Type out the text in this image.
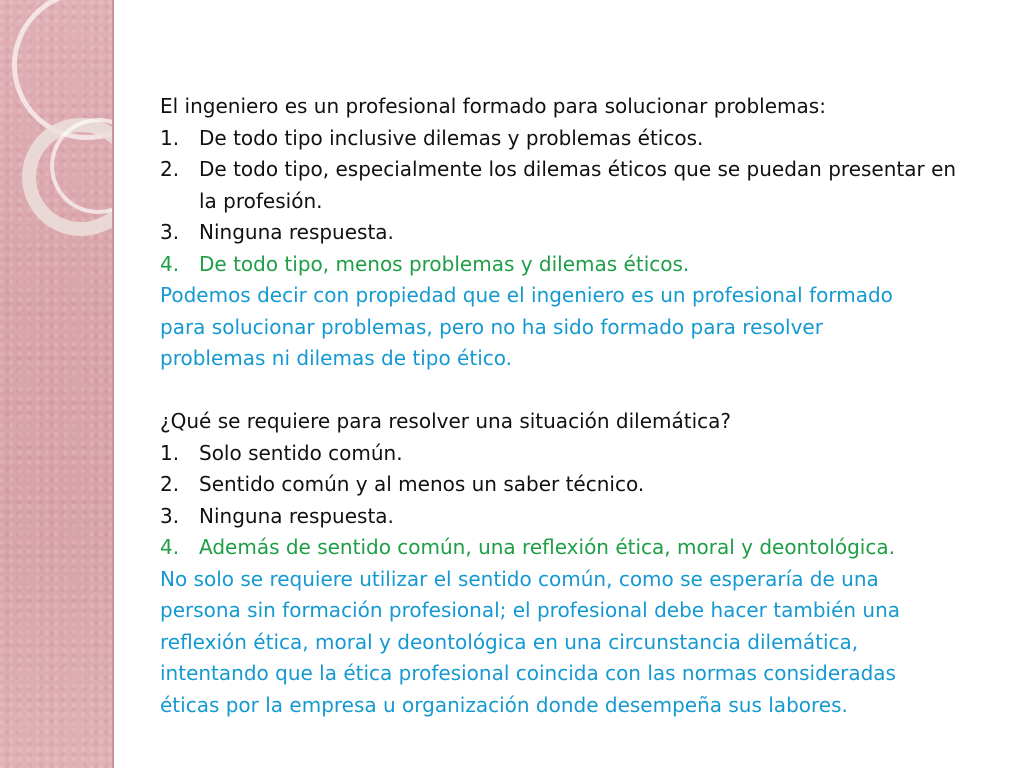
El ingeniero es un profesional formado para solucionar problemas:

1. De todo tipo inclusive dilemas y problemas éticos.
2. De todo tipo, especialmente los dilemas éticos que se puedan presentar en la profesión.
3. Ninguna respuesta.
4. De todo tipo, menos problemas y dilemas éticos.

Podemos decir con propiedad que el ingeniero es un profesional formado

para solucionar problemas, pero no ha sido formado para resolver

problemas ni dilemas de tipo ético.

¿Qué se requiere para resolver una situación dilemática?

1. Solo sentido común.
2. Sentido común y al menos un saber técnico.
3. Ninguna respuesta.
4. Además de sentido común, una reflexión ética, moral y deontológica.

No solo se requiere utilizar el sentido común, como se esperaría de una

persona sin formación profesional; el profesional debe hacer también una

reflexión ética, moral y deontológica en una circunstancia dilemática,

intentando que la ética profesional coincida con las normas consideradas

éticas por la empresa u organización donde desempeña sus labores.
